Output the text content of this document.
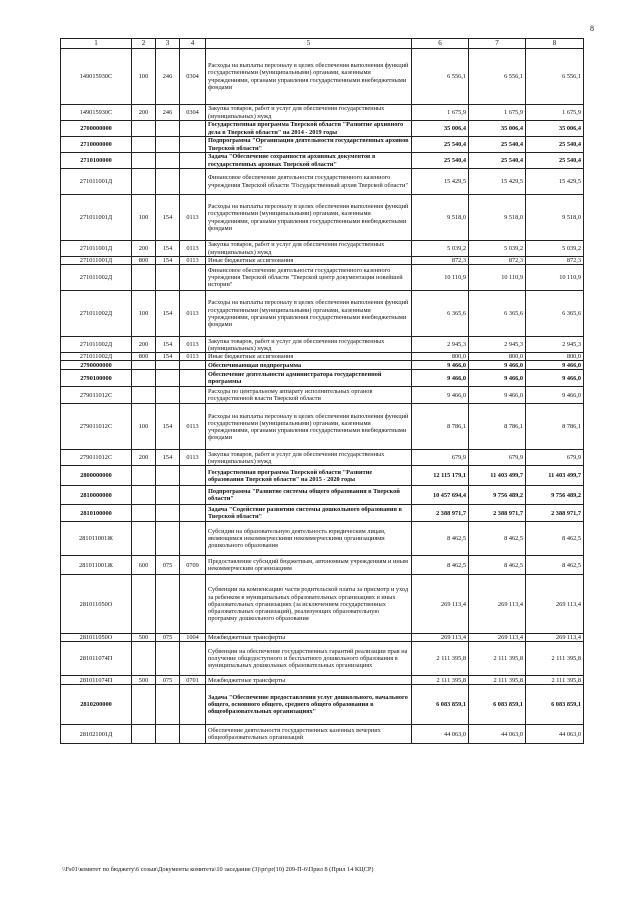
8
1	2	3	4	5	6	7	8
149015930С	100	246	0304	Расходы на выплаты персоналу в целях обеспечения выполнения функций государственными (муниципальными) органами, казенными учреждениями, органами управления государственными внебюджетными фондами	6 556,1	6 556,1	6 556,1
149015930С	200	246	0304	Закупка товаров, работ и услуг для обеспечения государственных (муниципальных) нужд	1 675,9	1 675,9	1 675,9
2700000000				Государственная программа Тверской области "Развитие архивного дела в Тверской области" на 2014 - 2019 годы	35 006,4	35 006,4	35 006,4
2710000000				Подпрограмма "Организация деятельности государственных архивов Тверской области"	25 540,4	25 540,4	25 540,4
2710100000				Задача "Обеспечение сохранности архивных документов в государственных архивах Тверской области"	25 540,4	25 540,4	25 540,4
271011001Д				Финансовое обеспечение деятельности государственного казенного учреждения Тверской области "Государственный архив Тверской области"	15 429,5	15 429,5	15 429,5
271011001Д	100	154	0113	Расходы на выплаты персоналу в целях обеспечения выполнения функций государственными (муниципальными) органами, казенными учреждениями, органами управления государственными внебюджетными фондами	9 518,0	9 518,0	9 518,0
271011001Д	200	154	0113	Закупка товаров, работ и услуг для обеспечения государственных (муниципальных) нужд	5 039,2	5 039,2	5 039,2
271011001Д	800	154	0113	Иные бюджетные ассигнования	872,3	872,3	872,3
271011002Д				Финансовое обеспечение деятельности государственного казенного учреждения Тверской области "Тверской центр документации новейшей истории"	10 110,9	10 110,9	10 110,9
271011002Д	100	154	0113	Расходы на выплаты персоналу в целях обеспечения выполнения функций государственными (муниципальными) органами, казенными учреждениями, органами управления государственными внебюджетными фондами	6 365,6	6 365,6	6 365,6
271011002Д	200	154	0113	Закупка товаров, работ и услуг для обеспечения государственных (муниципальных) нужд	2 945,3	2 945,3	2 945,3
271011002Д	800	154	0113	Иные бюджетные ассигнования	800,0	800,0	800,0
2790000000				Обеспечивающая подпрограмма	9 466,0	9 466,0	9 466,0
2790100000				Обеспечение деятельности администратора государственной программы	9 466,0	9 466,0	9 466,0
279011012С				Расходы по центральному аппарату исполнительных органов государственной власти Тверской области	9 466,0	9 466,0	9 466,0
279011012С	100	154	0113	Расходы на выплаты персоналу в целях обеспечения выполнения функций государственными (муниципальными) органами, казенными учреждениями, органами управления государственными внебюджетными фондами	8 786,1	8 786,1	8 786,1
279011012С	200	154	0113	Закупка товаров, работ и услуг для обеспечения государственных (муниципальных) нужд	679,9	679,9	679,9
2800000000				Государственная программа Тверской области "Развитие образования Тверской области" на 2015 - 2020 годы	12 115 179,1	11 403 499,7	11 403 499,7
2810000000				Подпрограмма "Развитие системы общего образования в Тверской области"	10 457 694,4	9 756 489,2	9 756 489,2
2810100000				Задача "Содействие развитию системы дошкольного образования в Тверской области"	2 388 971,7	2 388 971,7	2 388 971,7
281011001Ж				Субсидии на образовательную деятельность юридическим лицам, являющимся некоммерческими некоммерческими организациями дошкольного образования	8 462,5	8 462,5	8 462,5
281011001Ж	600	075	0709	Предоставление субсидий бюджетным, автономным учреждениям и иным некоммерческим организациям	8 462,5	8 462,5	8 462,5
281011050О				Субвенции на компенсацию части родительской платы за присмотр и уход за ребенком в муниципальных образовательных организациях и иных образовательных организациях (за исключением государственных образовательных организаций), реализующих образовательную программу дошкольного образования	269 113,4	269 113,4	269 113,4
281011050О	500	075	1004	Межбюджетные трансферты	269 113,4	269 113,4	269 113,4
281011074П				Субвенции на обеспечение государственных гарантий реализации прав на получение общедоступного и бесплатного дошкольного образования в муниципальных дошкольных образовательных организациях	2 111 395,8	2 111 395,8	2 111 395,8
281011074П	500	075	0701	Межбюджетные трансферты	2 111 395,8	2 111 395,8	2 111 395,8
2810200000				Задача "Обеспечение предоставления услуг дошкольного, начального общего, основного общего, среднего общего образования в общеобразовательных организациях"	6 083 859,1	6 083 859,1	6 083 859,1
281021001Д				Обеспечение деятельности государственных казенных вечерних общеобразовательных организаций	44 063,0	44 063,0	44 063,0
\\Fs01\комитет по бюджету\6 созыв\Документы комитета\10 заседание (3)\pr\pr(10) 209-П-6\Прил 8 (Прил 14 КЦСР)
